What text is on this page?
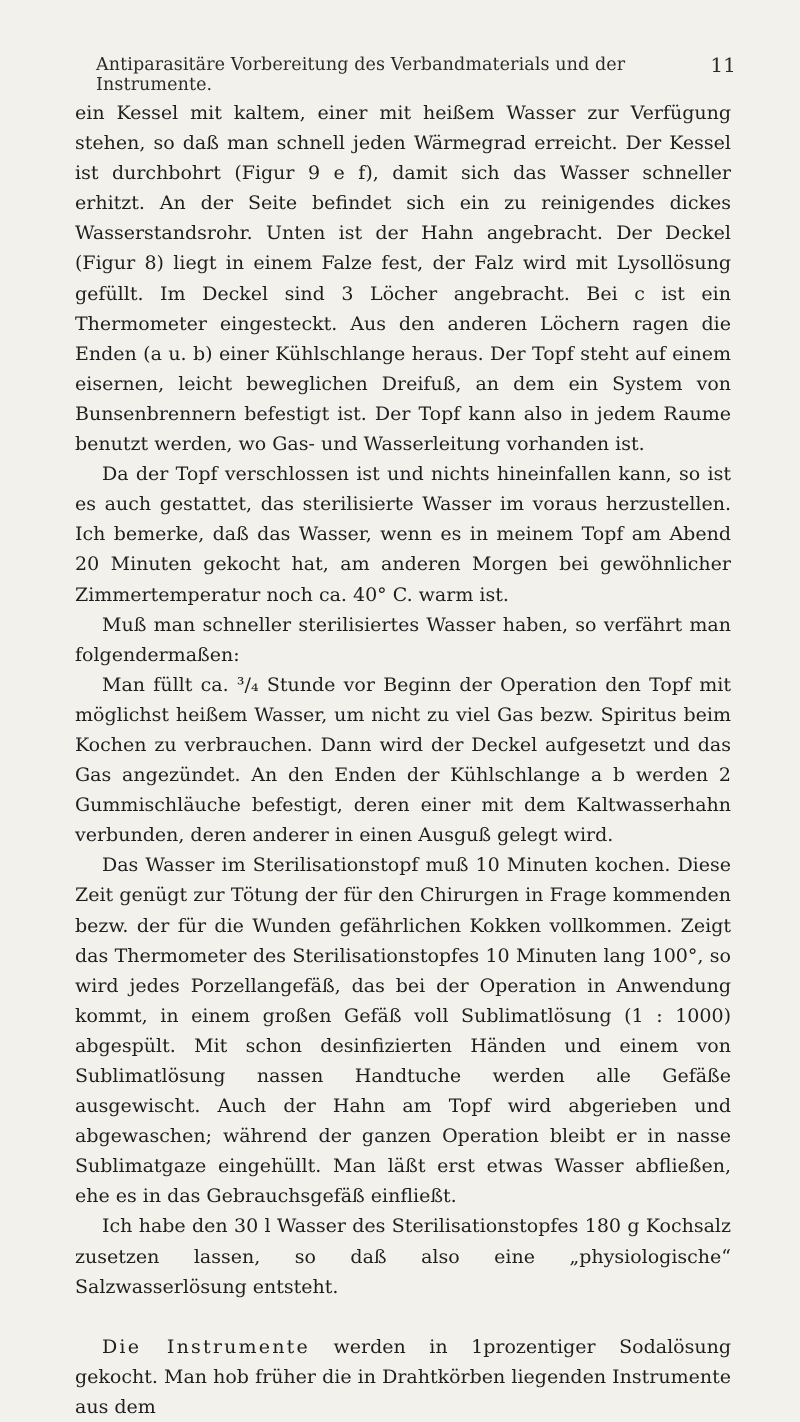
Antiparasitäre Vorbereitung des Verbandmaterials und der Instrumente.
11

ein Kessel mit kaltem, einer mit heißem Wasser zur Verfügung stehen, so daß man schnell jeden Wärmegrad erreicht. Der Kessel ist durchbohrt (Figur 9 e f), damit sich das Wasser schneller erhitzt. An der Seite befindet sich ein zu reinigendes dickes Wasserstandsrohr. Unten ist der Hahn angebracht. Der Deckel (Figur 8) liegt in einem Falze fest, der Falz wird mit Lysollösung gefüllt. Im Deckel sind 3 Löcher angebracht. Bei c ist ein Thermometer eingesteckt. Aus den anderen Löchern ragen die Enden (a u. b) einer Kühlschlange heraus. Der Topf steht auf einem eisernen, leicht beweglichen Dreifuß, an dem ein System von Bunsenbrennern befestigt ist. Der Topf kann also in jedem Raume benutzt werden, wo Gas- und Wasserleitung vorhanden ist.

Da der Topf verschlossen ist und nichts hineinfallen kann, so ist es auch gestattet, das sterilisierte Wasser im voraus herzustellen. Ich bemerke, daß das Wasser, wenn es in meinem Topf am Abend 20 Minuten gekocht hat, am anderen Morgen bei gewöhnlicher Zimmertemperatur noch ca. 40° C. warm ist.

Muß man schneller sterilisiertes Wasser haben, so verfährt man folgendermaßen:

Man füllt ca. ³/₄ Stunde vor Beginn der Operation den Topf mit möglichst heißem Wasser, um nicht zu viel Gas bezw. Spiritus beim Kochen zu verbrauchen. Dann wird der Deckel aufgesetzt und das Gas angezündet. An den Enden der Kühlschlange a b werden 2 Gummischläuche befestigt, deren einer mit dem Kaltwasserhahn verbunden, deren anderer in einen Ausguß gelegt wird.

Das Wasser im Sterilisationstopf muß 10 Minuten kochen. Diese Zeit genügt zur Tötung der für den Chirurgen in Frage kommenden bezw. der für die Wunden gefährlichen Kokken vollkommen. Zeigt das Thermometer des Sterilisationstopfes 10 Minuten lang 100°, so wird jedes Porzellangefäß, das bei der Operation in Anwendung kommt, in einem großen Gefäß voll Sublimatlösung (1 : 1000) abgespült. Mit schon desinfizierten Händen und einem von Sublimatlösung nassen Handtuche werden alle Gefäße ausgewischt. Auch der Hahn am Topf wird abgerieben und abgewaschen; während der ganzen Operation bleibt er in nasse Sublimatgaze eingehüllt. Man läßt erst etwas Wasser abfließen, ehe es in das Gebrauchsgefäß einfließt.

Ich habe den 30 l Wasser des Sterilisationstopfes 180 g Kochsalz zusetzen lassen, so daß also eine „physiologische“ Salzwasserlösung entsteht.

Die Instrumente werden in 1prozentiger Sodalösung gekocht. Man hob früher die in Drahtkörben liegenden Instrumente aus dem
